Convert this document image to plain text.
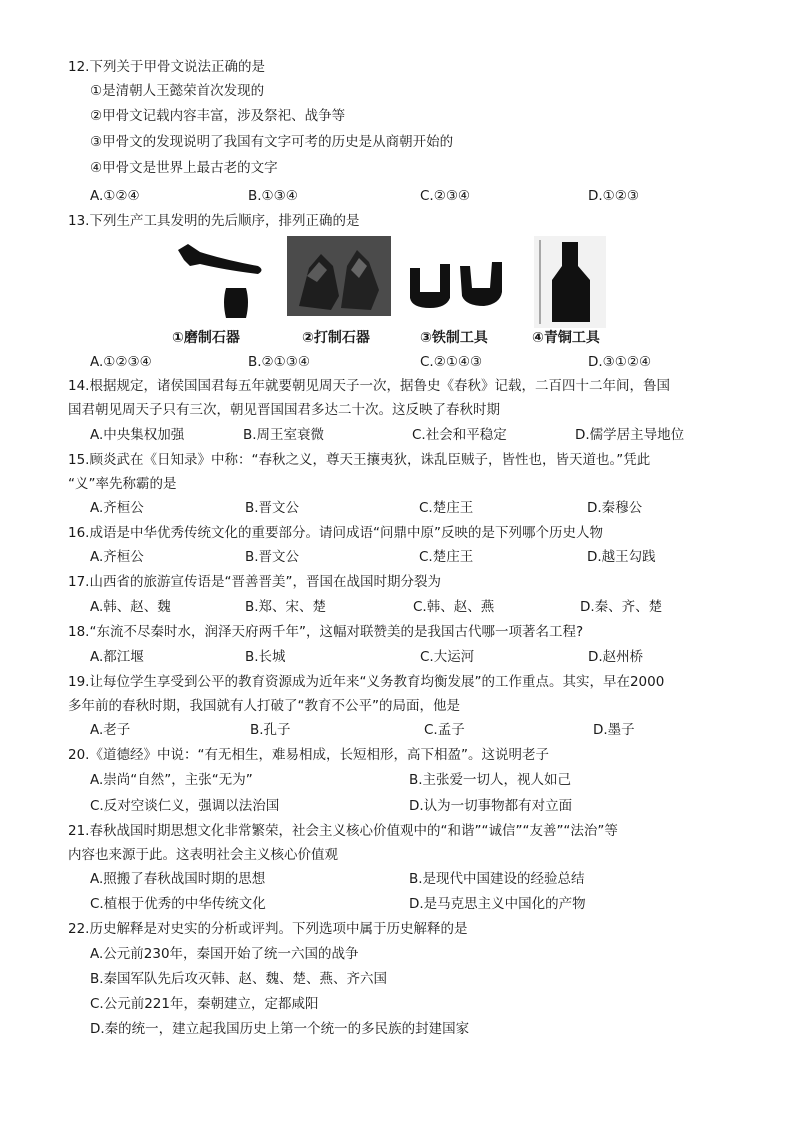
12.下列关于甲骨文说法正确的是
①是清朝人王懿荣首次发现的
②甲骨文记载内容丰富，涉及祭祀、战争等
③甲骨文的发现说明了我国有文字可考的历史是从商朝开始的
④甲骨文是世界上最古老的文字
A.①②④	B.①③④	C.②③④	D.①②③
13.下列生产工具发明的先后顺序，排列正确的是
①磨制石器	②打制石器	③铁制工具	④青铜工具
A.①②③④	B.②①③④	C.②①④③	D.③①②④
14.根据规定，诸侯国国君每五年就要朝见周天子一次，据鲁史《春秋》记载，二百四十二年间，鲁国
国君朝见周天子只有三次，朝见晋国国君多达二十次。这反映了春秋时期
A.中央集权加强	B.周王室衰微	C.社会和平稳定	D.儒学居主导地位
15.顾炎武在《日知录》中称：“春秋之义，尊天王攘夷狄，诛乱臣贼子，皆性也，皆天道也。”凭此
“义”率先称霸的是
A.齐桓公	B.晋文公	C.楚庄王	D.秦穆公
16.成语是中华优秀传统文化的重要部分。请问成语“问鼎中原”反映的是下列哪个历史人物
A.齐桓公	B.晋文公	C.楚庄王	D.越王勾践
17.山西省的旅游宣传语是“晋善晋美”，晋国在战国时期分裂为
A.韩、赵、魏	B.郑、宋、楚	C.韩、赵、燕	D.秦、齐、楚
18.“东流不尽秦时水，润泽天府两千年”，这幅对联赞美的是我国古代哪一项著名工程?
A.都江堰	B.长城	C.大运河	D.赵州桥
19.让每位学生享受到公平的教育资源成为近年来“义务教育均衡发展”的工作重点。其实，早在2000
多年前的春秋时期，我国就有人打破了“教育不公平”的局面，他是
A.老子	B.孔子	C.孟子	D.墨子
20.《道德经》中说：“有无相生，难易相成，长短相形，高下相盈”。这说明老子
A.崇尚“自然”，主张“无为”	B.主张爱一切人，视人如己
C.反对空谈仁义，强调以法治国	D.认为一切事物都有对立面
21.春秋战国时期思想文化非常繁荣，社会主义核心价值观中的“和谐”“诚信”“友善”“法治”等
内容也来源于此。这表明社会主义核心价值观
A.照搬了春秋战国时期的思想	B.是现代中国建设的经验总结
C.植根于优秀的中华传统文化	D.是马克思主义中国化的产物
22.历史解释是对史实的分析或评判。下列选项中属于历史解释的是
A.公元前230年，秦国开始了统一六国的战争
B.秦国军队先后攻灭韩、赵、魏、楚、燕、齐六国
C.公元前221年，秦朝建立，定都咸阳
D.秦的统一，建立起我国历史上第一个统一的多民族的封建国家
